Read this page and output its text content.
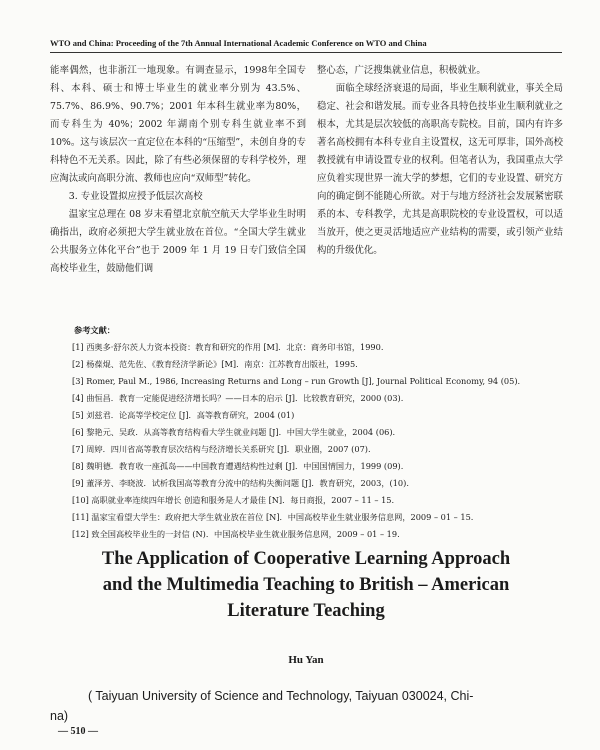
WTO and China: Proceeding of the 7th Annual International Academic Conference on WTO and China

能率偶然，也非浙江一地现象。有调查显示，1998年全国专科、本科、硕士和博士毕业生的就业率分别为 43.5%、75.7%、86.9%、90.7%；2001 年本科生就业率为80%，而专科生为 40%；2002 年湖南个别专科生就业率不到 10%。这与该层次一直定位在本科的“压缩型”，未创自身的专科特色不无关系。因此，除了有些必须保留的专科学校外，理应淘汰或向高职分流、教师也应向“双师型”转化。

3. 专业设置拟应授予低层次高校

温家宝总理在 08 岁末看望北京航空航天大学毕业生时明确指出，政府必须把大学生就业放在首位。“全国大学生就业公共服务立体化平台”也于 2009 年 1 月 19 日专门致信全国高校毕业生，鼓励他们调

整心态，广泛搜集就业信息，积极就业。

面临全球经济衰退的局面，毕业生顺利就业，事关全局稳定、社会和谐发展。而专业各具特色技毕业生顺利就业之根本，尤其是层次较低的高职高专院校。目前，国内有许多著名高校拥有本科专业自主设置权，这无可厚非，国外高校教授就有申请设置专业的权利。但笔者认为，我国重点大学应负着实现世界一流大学的梦想，它们的专业设置、研究方向的确定倒不能随心所欲。对于与地方经济社会发展紧密联系的本、专科教学，尤其是高职院校的专业设置权，可以适当放开，使之更灵活地适应产业结构的需要，或引领产业结构的升级优化。

参考文献：

[1] 西奥多·舒尔茨人力资本投资：教育和研究的作用 [M]．北京：商务印书馆，1990.

[2] 杨葆焜、范先佐、《教育经济学新论》[M]．南京：江苏教育出版社，1995.

[3] Romer, Paul M., 1986, Increasing Returns and Long – run Growth [J], Journal Political Economy, 94 (05).

[4] 曲恒昌．教育一定能促进经济增长吗？——日本的启示 [J]．比较教育研究，2000 (03).

[5] 刘兹君．论高等学校定位 [J]．高等教育研究，2004 (01)

[6] 黎艳元、吴政．从高等教育结构看大学生就业问题 [J]．中国大学生就业，2004 (06).

[7] 周婷．四川省高等教育层次结构与经济增长关系研究 [J]．职业圈，2007 (07).

[8] 魏明德．教育收一座孤岛——中国教育遭遇结构性过剩 [J]．中国国情国力，1999 (09).

[9] 董泽芳、李晓波．试析我国高等教育分流中的结构失衡问题 [J]．教育研究，2003，(10).

[10] 高职就业率连续四年增长 创造和服务是人才最佳 [N]．每日商报，2007 – 11 – 15.

[11] 温家宝看望大学生：政府把大学生就业放在首位 [N]．中国高校毕业生就业服务信息网，2009 – 01 – 15.

[12] 致全国高校毕业生的一封信 (N)．中国高校毕业生就业服务信息网，2009 – 01 – 19.

The Application of Cooperative Learning Approach
and the Multimedia Teaching to British – American
Literature Teaching
Hu Yan
( Taiyuan University of Science and Technology, Taiyuan 030024, Chi-
na)
— 510 —
